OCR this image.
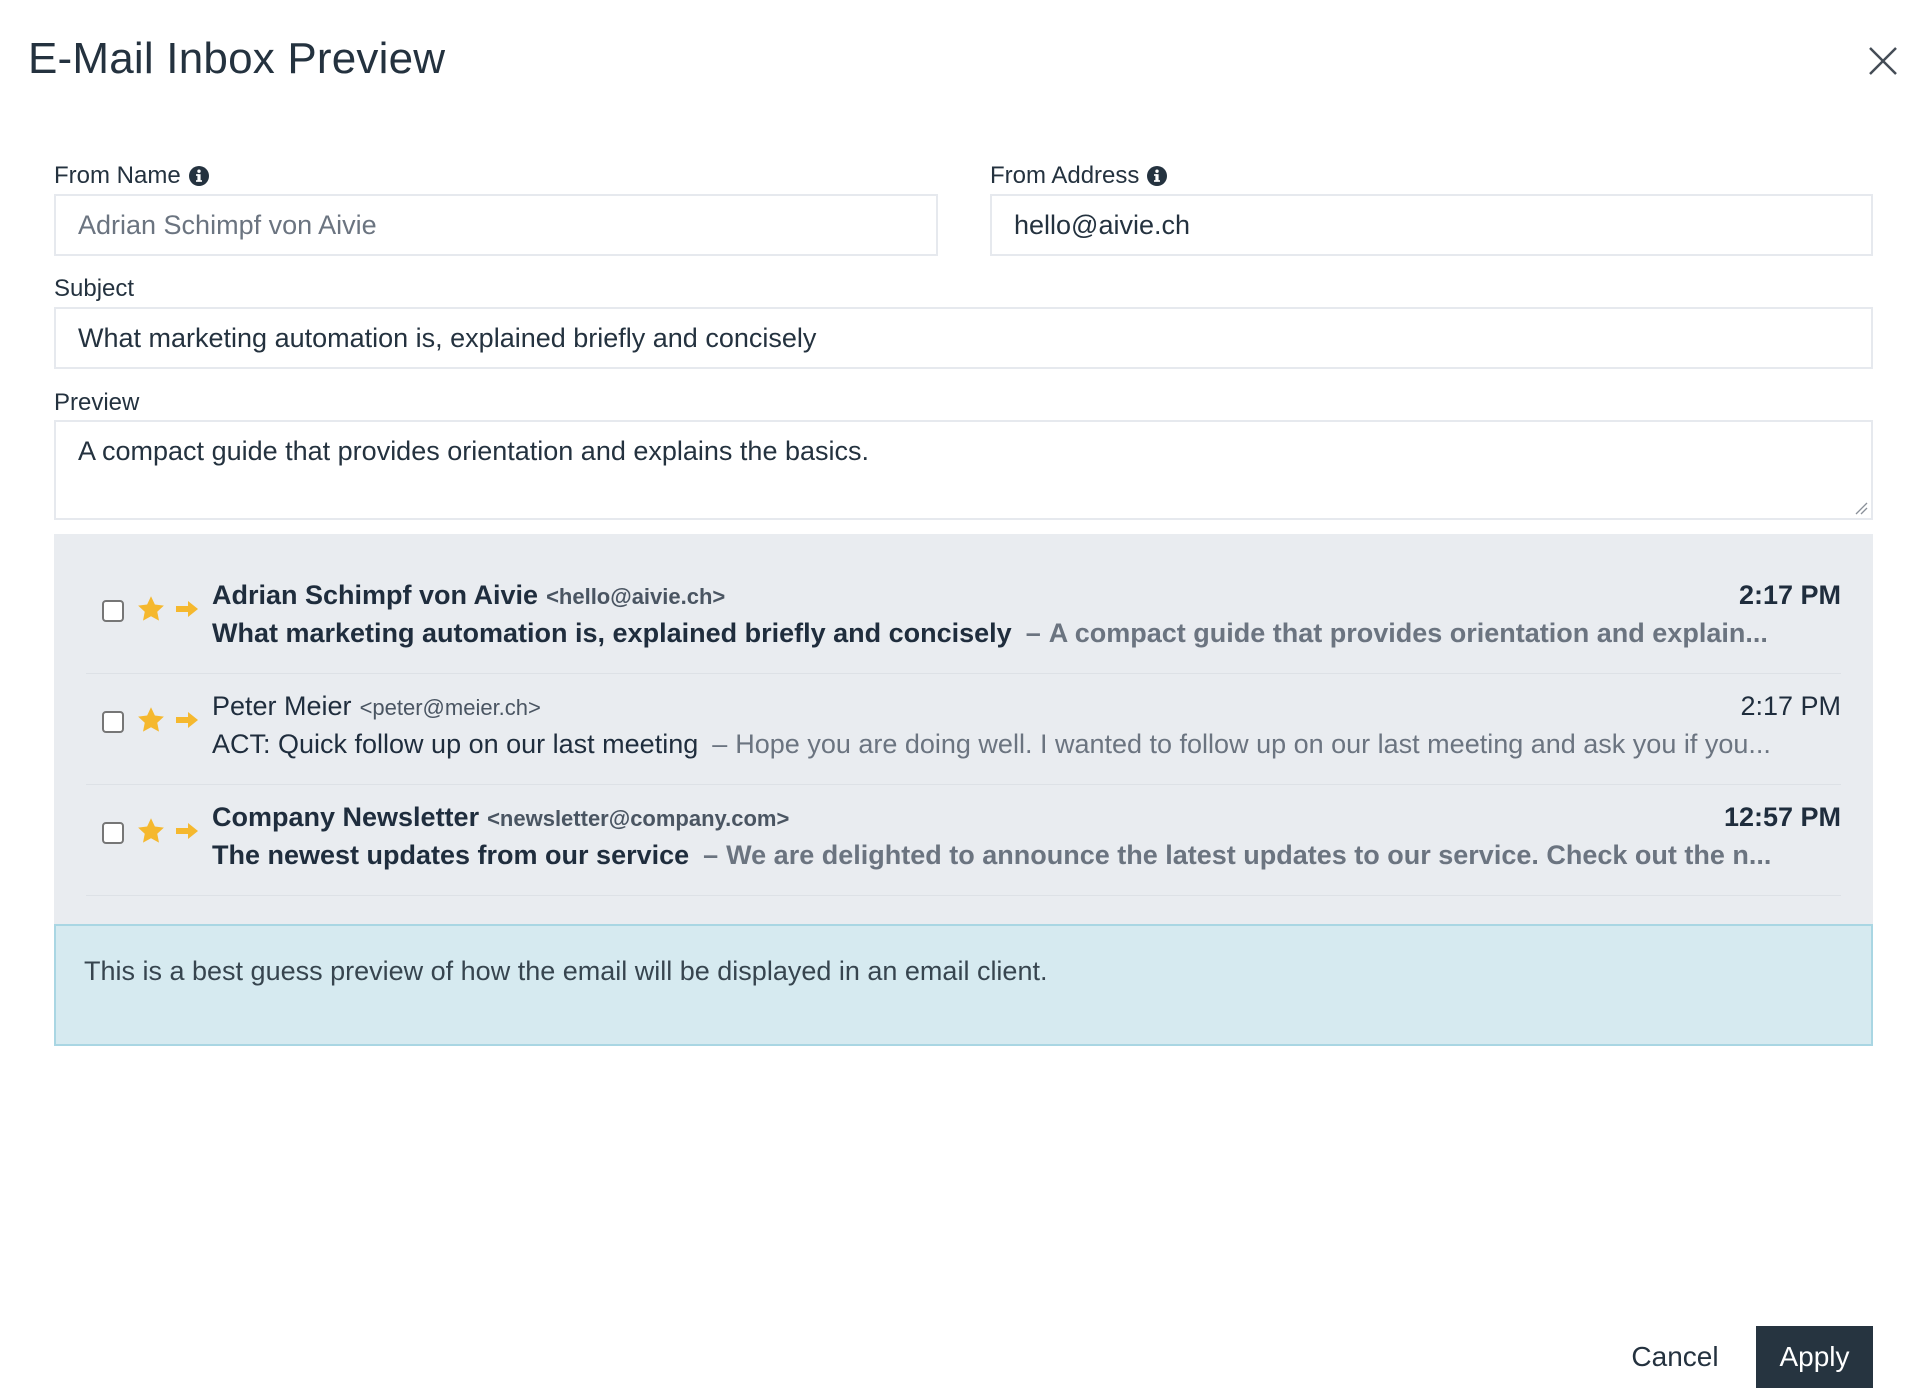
E-Mail Inbox Preview
From Name
Adrian Schimpf von Aivie
From Address
hello@aivie.ch
Subject
What marketing automation is, explained briefly and concisely
Preview
A compact guide that provides orientation and explains the basics.
Adrian Schimpf von Aivie <hello@aivie.ch>	2:17 PM
What marketing automation is, explained briefly and concisely – A compact guide that provides orientation and explain...
Peter Meier <peter@meier.ch>	2:17 PM
ACT: Quick follow up on our last meeting – Hope you are doing well. I wanted to follow up on our last meeting and ask you if you...
Company Newsletter <newsletter@company.com>	12:57 PM
The newest updates from our service – We are delighted to announce the latest updates to our service. Check out the n...
This is a best guess preview of how the email will be displayed in an email client.
Cancel	Apply
